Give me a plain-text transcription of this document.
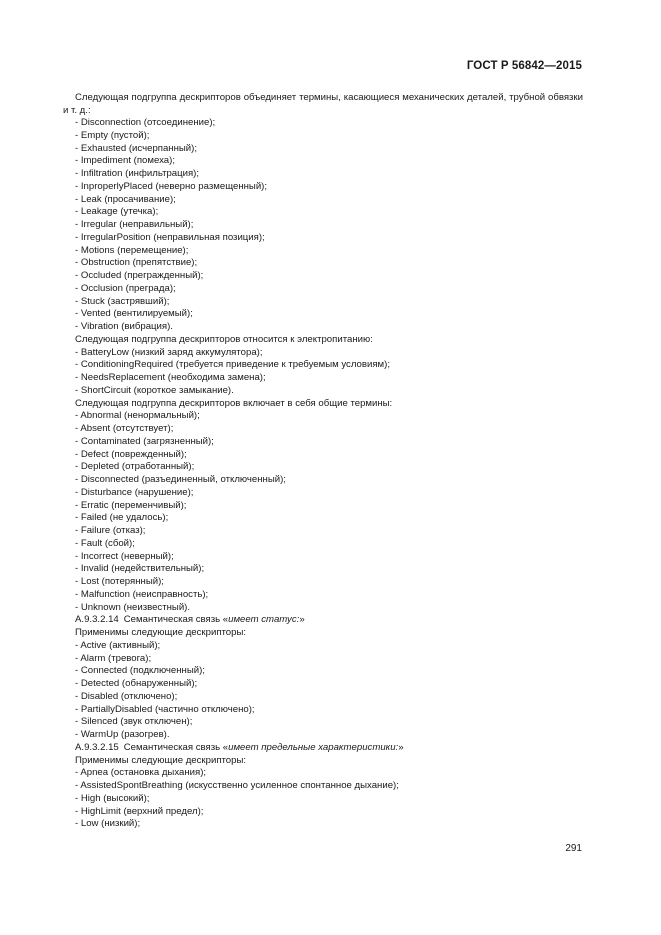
ГОСТ Р 56842—2015
Следующая подгруппа дескрипторов объединяет термины, касающиеся механических деталей, трубной обвязки и т. д.:
- Disconnection (отсоединение);
- Empty (пустой);
- Exhausted (исчерпанный);
- Impediment (помеха);
- Infiltration (инфильтрация);
- InproperlyPlaced (неверно размещенный);
- Leak (просачивание);
- Leakage (утечка);
- Irregular (неправильный);
- IrregularPosition (неправильная позиция);
- Motions (перемещение);
- Obstruction (препятствие);
- Occluded (прегражденный);
- Occlusion (преграда);
- Stuck (застрявший);
- Vented (вентилируемый);
- Vibration (вибрация).
Следующая подгруппа дескрипторов относится к электропитанию:
- BatteryLow (низкий заряд аккумулятора);
- ConditioningRequired (требуется приведение к требуемым условиям);
- NeedsReplacement (необходима замена);
- ShortCircuit (короткое замыкание).
Следующая подгруппа дескрипторов включает в себя общие термины:
- Abnormal (ненормальный);
- Absent (отсутствует);
- Contaminated (загрязненный);
- Defect (поврежденный);
- Depleted (отработанный);
- Disconnected (разъединенный, отключенный);
- Disturbance (нарушение);
- Erratic (переменчивый);
- Failed (не удалось);
- Failure (отказ);
- Fault (сбой);
- Incorrect (неверный);
- Invalid (недействительный);
- Lost (потерянный);
- Malfunction (неисправность);
- Unknown (неизвестный).
А.9.3.2.14 Семантическая связь «имеет статус:»
Применимы следующие дескрипторы:
- Active (активный);
- Alarm (тревога);
- Connected (подключенный);
- Detected (обнаруженный);
- Disabled (отключено);
- PartiallyDisabled (частично отключено);
- Silenced (звук отключен);
- WarmUp (разогрев).
А.9.3.2.15 Семантическая связь «имеет предельные характеристики:»
Применимы следующие дескрипторы:
- Apnea (остановка дыхания);
- AssistedSpontBreathing (искусственно усиленное спонтанное дыхание);
- High (высокий);
- HighLimit (верхний предел);
- Low (низкий);
291
